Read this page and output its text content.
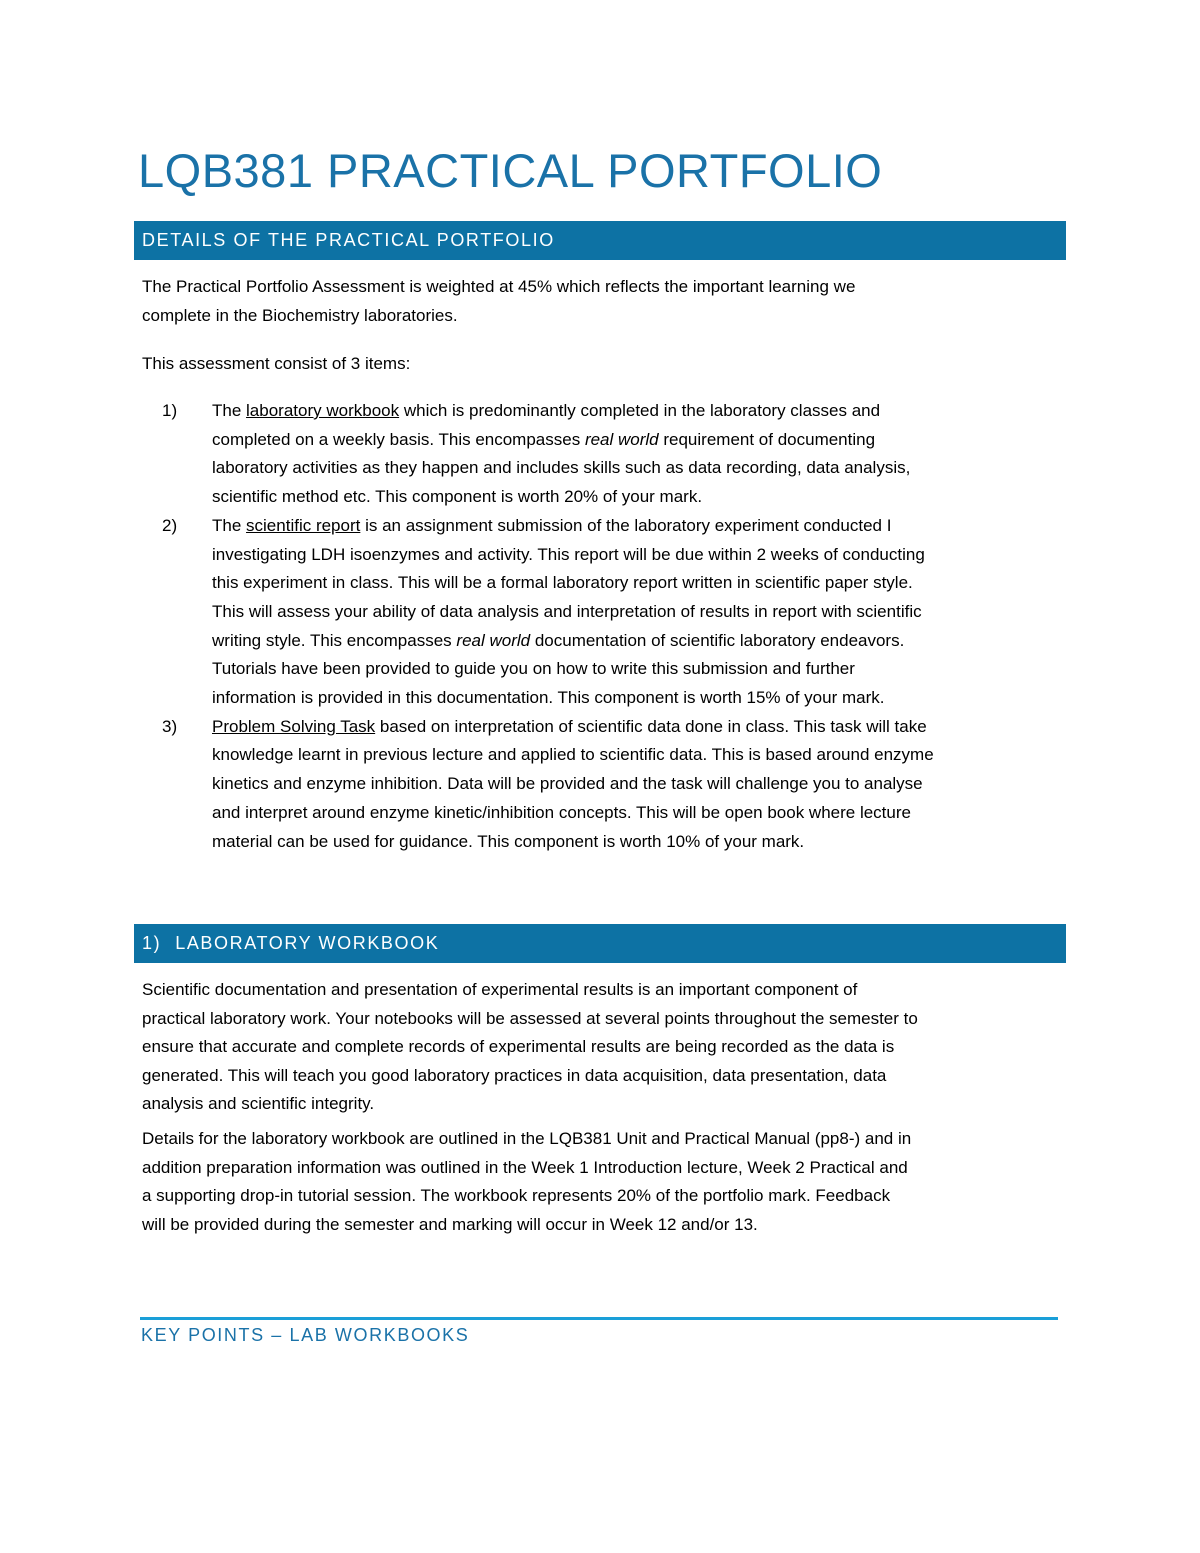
LQB381 PRACTICAL PORTFOLIO
DETAILS OF THE PRACTICAL PORTFOLIO

The Practical Portfolio Assessment is weighted at 45% which reflects the important learning we
complete in the Biochemistry laboratories.

This assessment consist of 3 items:

1) The laboratory workbook which is predominantly completed in the laboratory classes and
completed on a weekly basis. This encompasses real world requirement of documenting
laboratory activities as they happen and includes skills such as data recording, data analysis,
scientific method etc. This component is worth 20% of your mark.
2) The scientific report is an assignment submission of the laboratory experiment conducted I
investigating LDH isoenzymes and activity. This report will be due within 2 weeks of conducting
this experiment in class. This will be a formal laboratory report written in scientific paper style.
This will assess your ability of data analysis and interpretation of results in report with scientific
writing style. This encompasses real world documentation of scientific laboratory endeavors.
Tutorials have been provided to guide you on how to write this submission and further
information is provided in this documentation. This component is worth 15% of your mark.
3) Problem Solving Task based on interpretation of scientific data done in class. This task will take
knowledge learnt in previous lecture and applied to scientific data. This is based around enzyme
kinetics and enzyme inhibition. Data will be provided and the task will challenge you to analyse
and interpret around enzyme kinetic/inhibition concepts. This will be open book where lecture
material can be used for guidance. This component is worth 10% of your mark.
1) LABORATORY WORKBOOK

Scientific documentation and presentation of experimental results is an important component of
practical laboratory work. Your notebooks will be assessed at several points throughout the semester to
ensure that accurate and complete records of experimental results are being recorded as the data is
generated. This will teach you good laboratory practices in data acquisition, data presentation, data
analysis and scientific integrity.

Details for the laboratory workbook are outlined in the LQB381 Unit and Practical Manual (pp8-) and in
addition preparation information was outlined in the Week 1 Introduction lecture, Week 2 Practical and
a supporting drop-in tutorial session. The workbook represents 20% of the portfolio mark. Feedback
will be provided during the semester and marking will occur in Week 12 and/or 13.

KEY POINTS – LAB WORKBOOKS
